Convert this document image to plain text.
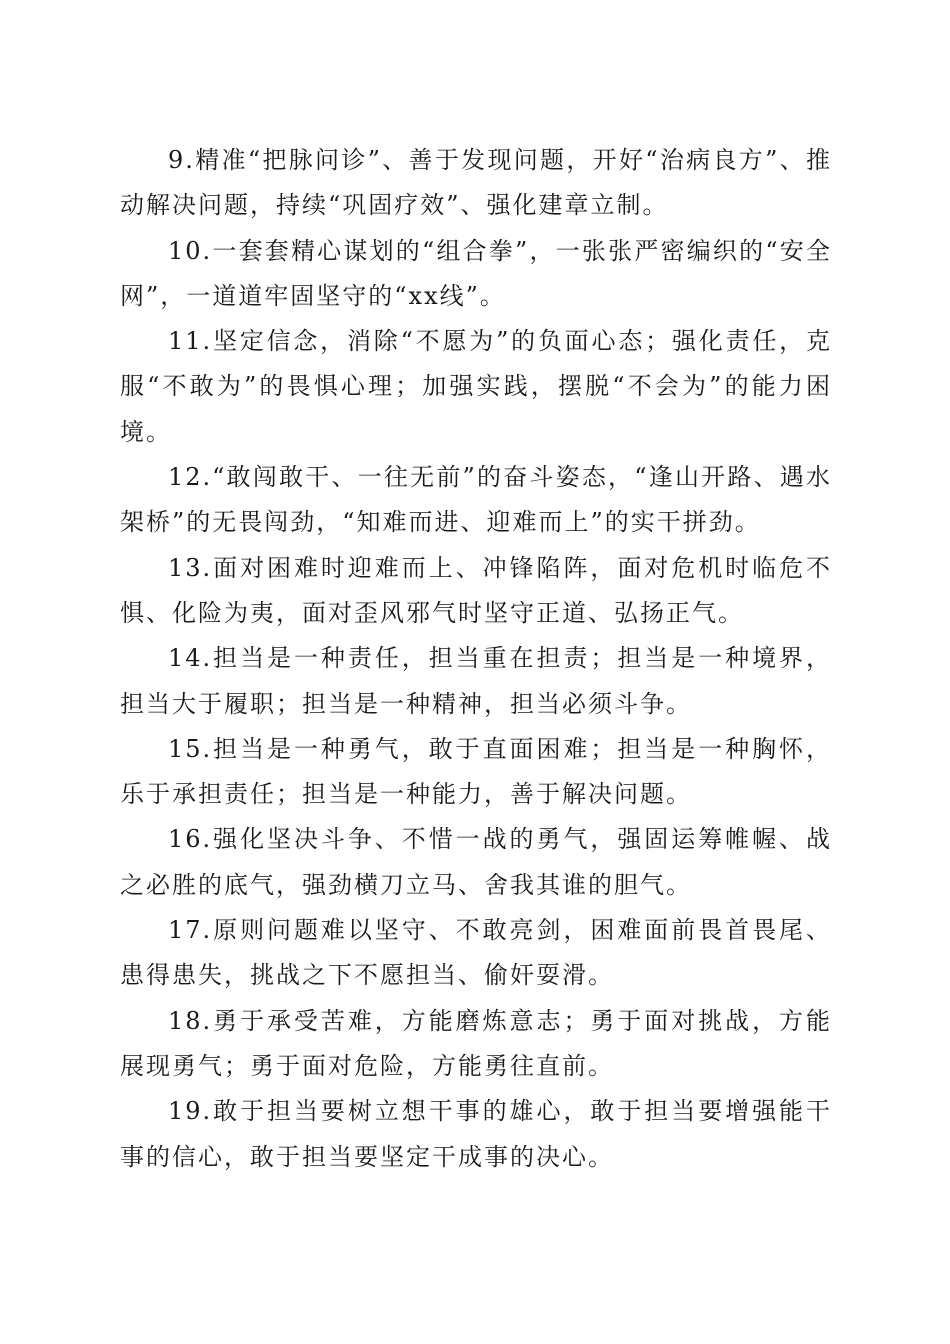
9.精准“把脉问诊”、善于发现问题，开好“治病良方”、推动解决问题，持续“巩固疗效”、强化建章立制。

10.一套套精心谋划的“组合拳”，一张张严密编织的“安全网”，一道道牢固坚守的“xx线”。

11.坚定信念，消除“不愿为”的负面心态；强化责任，克服“不敢为”的畏惧心理；加强实践，摆脱“不会为”的能力困境。

12.“敢闯敢干、一往无前”的奋斗姿态，“逢山开路、遇水架桥”的无畏闯劲，“知难而进、迎难而上”的实干拼劲。

13.面对困难时迎难而上、冲锋陷阵，面对危机时临危不惧、化险为夷，面对歪风邪气时坚守正道、弘扬正气。

14.担当是一种责任，担当重在担责；担当是一种境界，担当大于履职；担当是一种精神，担当必须斗争。

15.担当是一种勇气，敢于直面困难；担当是一种胸怀，乐于承担责任；担当是一种能力，善于解决问题。

16.强化坚决斗争、不惜一战的勇气，强固运筹帷幄、战之必胜的底气，强劲横刀立马、舍我其谁的胆气。

17.原则问题难以坚守、不敢亮剑，困难面前畏首畏尾、患得患失，挑战之下不愿担当、偷奸耍滑。

18.勇于承受苦难，方能磨炼意志；勇于面对挑战，方能展现勇气；勇于面对危险，方能勇往直前。

19.敢于担当要树立想干事的雄心，敢于担当要增强能干事的信心，敢于担当要坚定干成事的决心。
